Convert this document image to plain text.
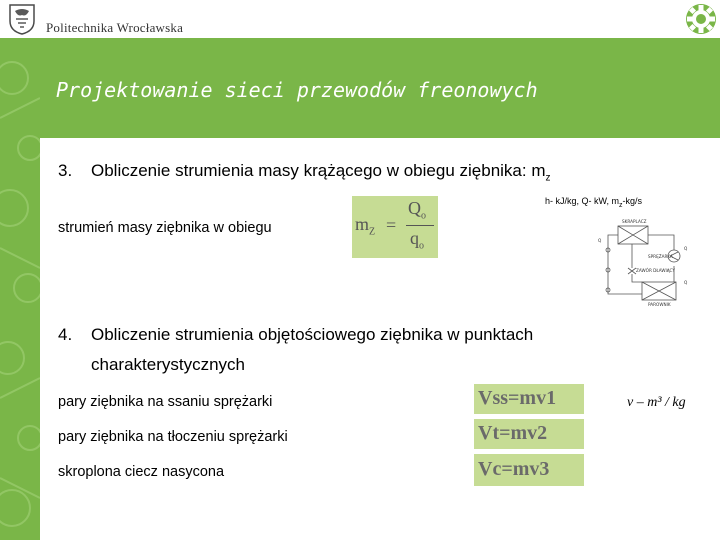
Politechnika Wrocławska
Projektowanie sieci przewodów freonowych
3. Obliczenie strumienia masy krążącego w obiegu ziębnika: $m_z$
h- kJ/kg, Q- kW, $m_z-kg/s$
strumień masy ziębnika w obiegu	$m_Z$ =
$Q_o$
$q_o$
SKRAPLACZ
SPRĘŻARKA
ZAWÓR DŁAWIĄCY
PAROWNIK
Q
Q
Q
4. Obliczenie strumienia objętościowego ziębnika w punktach
charakterystycznych
pary ziębnika na ssaniu sprężarki
pary ziębnika na tłoczeniu sprężarki
skroplona ciecz nasycona
Vss=mv1
Vt=mv2
Vc=mv3
v – m³ / kg
